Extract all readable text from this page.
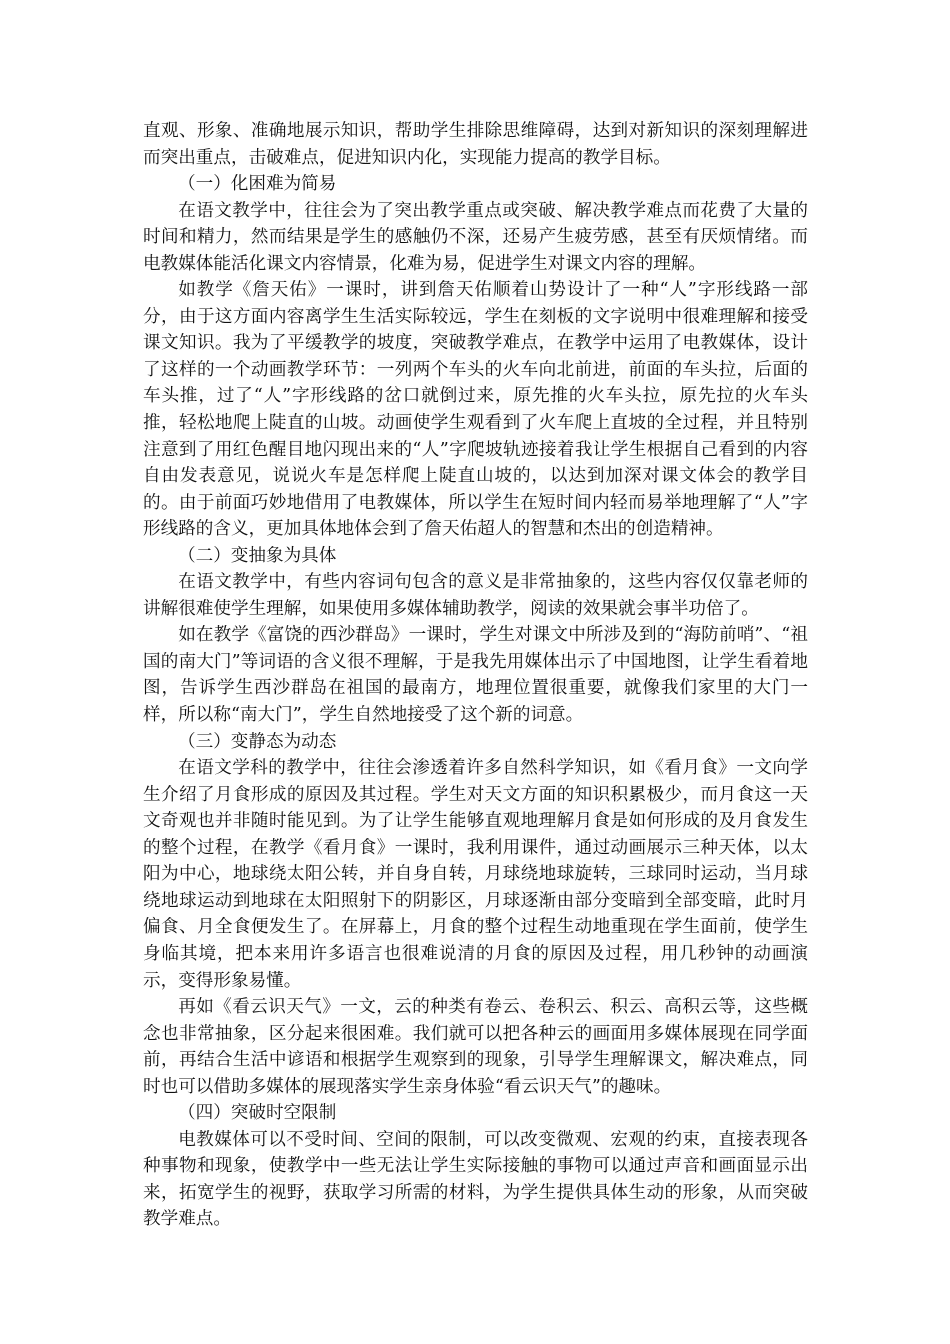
直观、形象、准确地展示知识，帮助学生排除思维障碍，达到对新知识的深刻理解进而突出重点，击破难点，促进知识内化，实现能力提高的教学目标。

（一）化困难为简易

在语文教学中，往往会为了突出教学重点或突破、解决教学难点而花费了大量的时间和精力，然而结果是学生的感触仍不深，还易产生疲劳感，甚至有厌烦情绪。而电教媒体能活化课文内容情景，化难为易，促进学生对课文内容的理解。

如教学《詹天佑》一课时，讲到詹天佑顺着山势设计了一种“人”字形线路一部分，由于这方面内容离学生生活实际较远，学生在刻板的文字说明中很难理解和接受课文知识。我为了平缓教学的坡度，突破教学难点，在教学中运用了电教媒体，设计了这样的一个动画教学环节：一列两个车头的火车向北前进，前面的车头拉，后面的车头推，过了“人”字形线路的岔口就倒过来，原先推的火车头拉，原先拉的火车头推，轻松地爬上陡直的山坡。动画使学生观看到了火车爬上直坡的全过程，并且特别注意到了用红色醒目地闪现出来的“人”字爬坡轨迹接着我让学生根据自己看到的内容自由发表意见，说说火车是怎样爬上陡直山坡的，以达到加深对课文体会的教学目的。由于前面巧妙地借用了电教媒体，所以学生在短时间内轻而易举地理解了“人”字形线路的含义，更加具体地体会到了詹天佑超人的智慧和杰出的创造精神。

（二）变抽象为具体

在语文教学中，有些内容词句包含的意义是非常抽象的，这些内容仅仅靠老师的讲解很难使学生理解，如果使用多媒体辅助教学，阅读的效果就会事半功倍了。

如在教学《富饶的西沙群岛》一课时，学生对课文中所涉及到的“海防前哨”、“祖国的南大门”等词语的含义很不理解，于是我先用媒体出示了中国地图，让学生看着地图，告诉学生西沙群岛在祖国的最南方，地理位置很重要，就像我们家里的大门一样，所以称“南大门”，学生自然地接受了这个新的词意。

（三）变静态为动态

在语文学科的教学中，往往会渗透着许多自然科学知识，如《看月食》一文向学生介绍了月食形成的原因及其过程。学生对天文方面的知识积累极少，而月食这一天文奇观也并非随时能见到。为了让学生能够直观地理解月食是如何形成的及月食发生的整个过程，在教学《看月食》一课时，我利用课件，通过动画展示三种天体，以太阳为中心，地球绕太阳公转，并自身自转，月球绕地球旋转，三球同时运动，当月球绕地球运动到地球在太阳照射下的阴影区，月球逐渐由部分变暗到全部变暗，此时月偏食、月全食便发生了。在屏幕上，月食的整个过程生动地重现在学生面前，使学生身临其境，把本来用许多语言也很难说清的月食的原因及过程，用几秒钟的动画演示，变得形象易懂。

再如《看云识天气》一文，云的种类有卷云、卷积云、积云、高积云等，这些概念也非常抽象，区分起来很困难。我们就可以把各种云的画面用多媒体展现在同学面前，再结合生活中谚语和根据学生观察到的现象，引导学生理解课文，解决难点，同时也可以借助多媒体的展现落实学生亲身体验“看云识天气”的趣味。

（四）突破时空限制

电教媒体可以不受时间、空间的限制，可以改变微观、宏观的约束，直接表现各种事物和现象，使教学中一些无法让学生实际接触的事物可以通过声音和画面显示出来，拓宽学生的视野，获取学习所需的材料，为学生提供具体生动的形象，从而突破教学难点。
